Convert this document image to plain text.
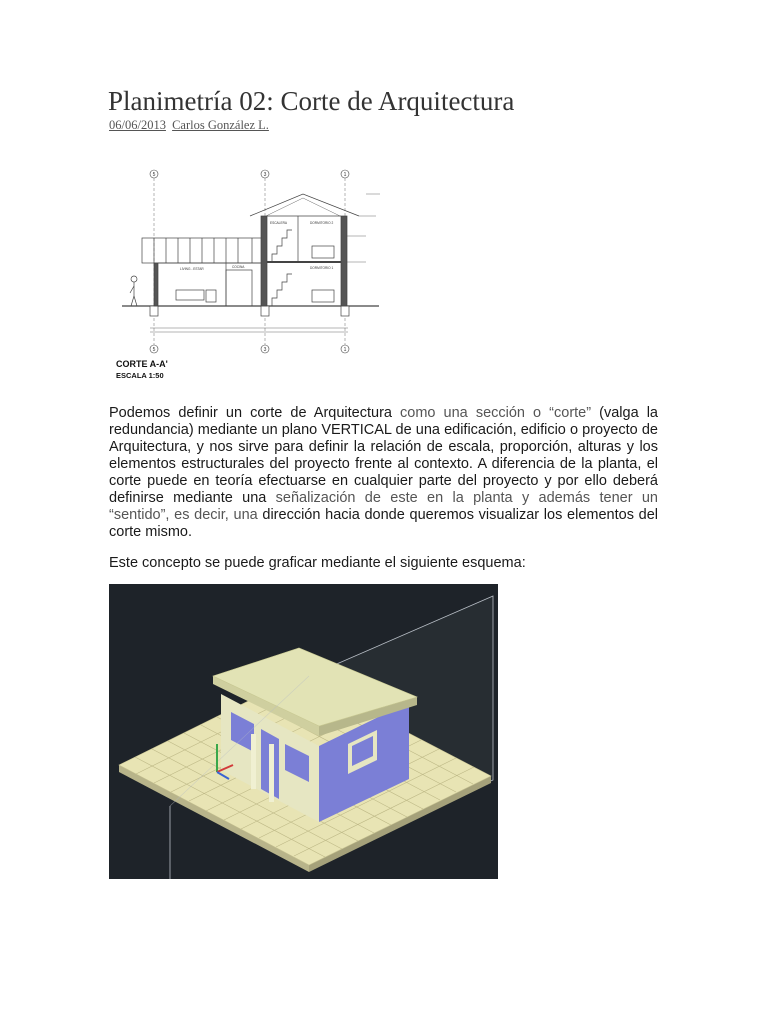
Planimetría 02: Corte de Arquitectura
06/06/2013 Carlos González L.
5	3	1
5	3	1
ESCALERA	DORMITORIO 2
LIVING - ESTAR	COCINA	DORMITORIO 1
CORTE A-A'
ESCALA 1:50
Podemos definir un corte de Arquitectura como una sección o “corte” (valga la redundancia) mediante un plano VERTICAL de una edificación, edificio o proyecto de Arquitectura, y nos sirve para definir la relación de escala, proporción, alturas y los elementos estructurales del proyecto frente al contexto. A diferencia de la planta, el corte puede en teoría efectuarse en cualquier parte del proyecto y por ello deberá definirse mediante una señalización de este en la planta y además tener un “sentido”, es decir, una dirección hacia donde queremos visualizar los elementos del corte mismo.
Este concepto se puede graficar mediante el siguiente esquema:
